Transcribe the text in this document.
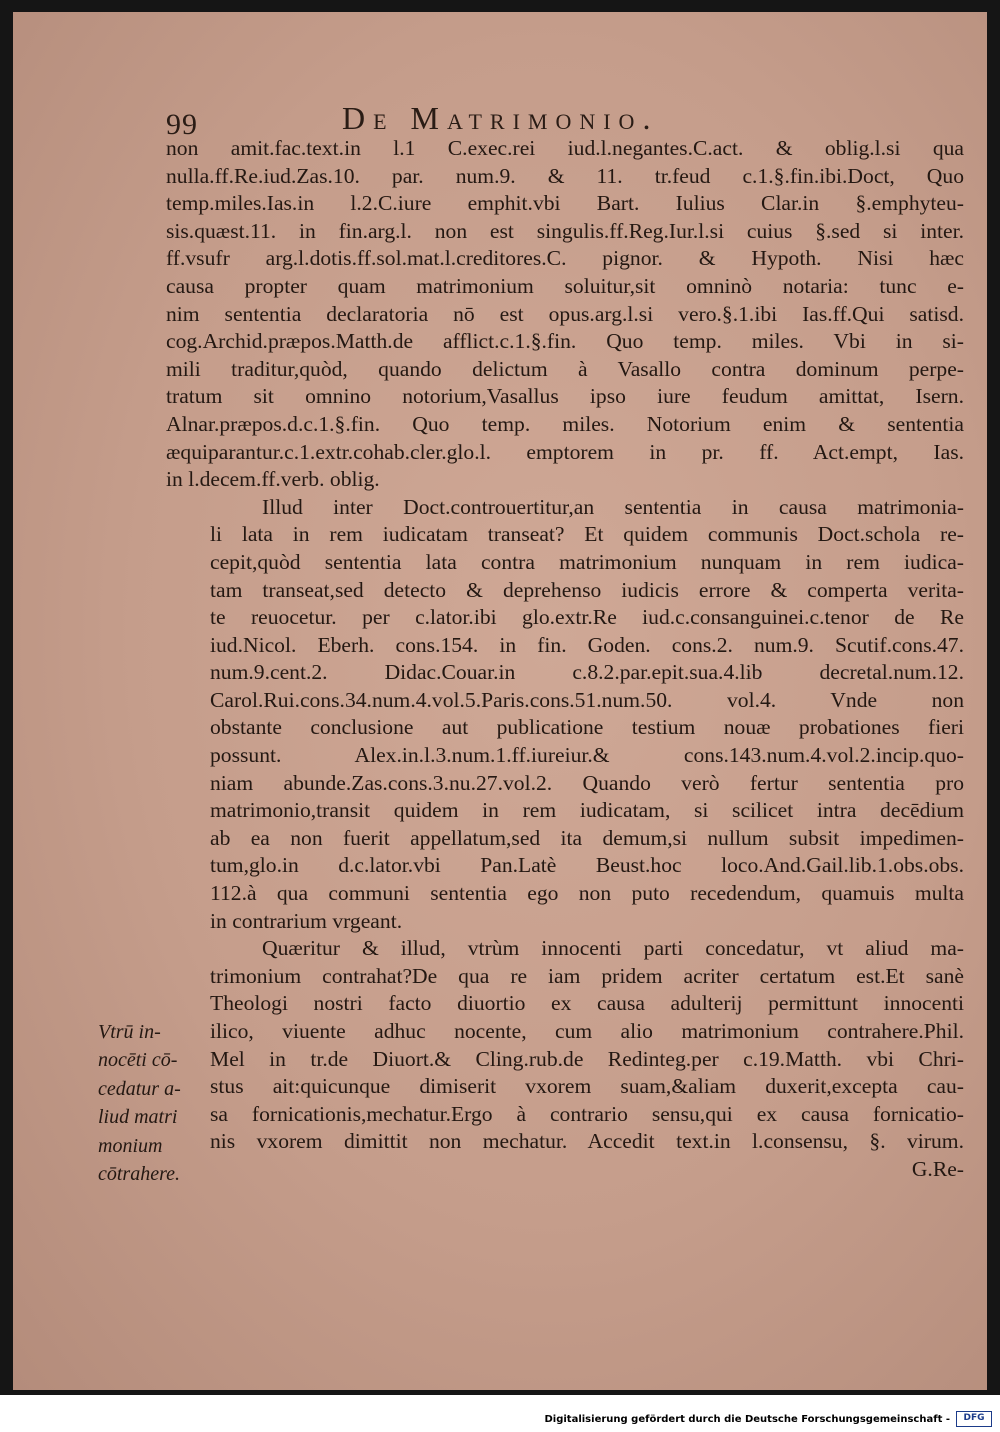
99	De Matrimonio.
non amit.fac.text.in l.1 C.exec.rei iud.l.negantes.C.act. & oblig.l.si qua
nulla.ff.Re.iud.Zas.10. par. num.9. & 11. tr.feud c.1.§.fin.ibi.Doct, Quo
temp.miles.Ias.in l.2.C.iure emphit.vbi Bart. Iulius Clar.in §.emphyteu-
sis.quæst.11. in fin.arg.l. non est singulis.ff.Reg.Iur.l.si cuius §.sed si inter.
ff.vsufr arg.l.dotis.ff.sol.mat.l.creditores.C. pignor. & Hypoth. Nisi hæc
causa propter quam matrimonium soluitur,sit omninò notaria: tunc e-
nim sententia declaratoria nō est opus.arg.l.si vero.§.1.ibi Ias.ff.Qui satisd.
cog.Archid.præpos.Matth.de afflict.c.1.§.fin. Quo temp. miles. Vbi in si-
mili traditur,quòd, quando delictum à Vasallo contra dominum perpe-
tratum sit omnino notorium,Vasallus ipso iure feudum amittat, Isern.
Alnar.præpos.d.c.1.§.fin. Quo temp. miles. Notorium enim & sententia
æquiparantur.c.1.extr.cohab.cler.glo.l. emptorem in pr. ff. Act.empt, Ias.
in l.decem.ff.verb. oblig.
Illud inter Doct.controuertitur,an sententia in causa matrimonia-
li lata in rem iudicatam transeat? Et quidem communis Doct.schola re-
cepit,quòd sententia lata contra matrimonium nunquam in rem iudica-
tam transeat,sed detecto & deprehenso iudicis errore & comperta verita-
te reuocetur. per c.lator.ibi glo.extr.Re iud.c.consanguinei.c.tenor de Re
iud.Nicol. Eberh. cons.154. in fin. Goden. cons.2. num.9. Scutif.cons.47.
num.9.cent.2. Didac.Couar.in c.8.2.par.epit.sua.4.lib decretal.num.12.
Carol.Rui.cons.34.num.4.vol.5.Paris.cons.51.num.50. vol.4. Vnde non
obstante conclusione aut publicatione testium nouæ probationes fieri
possunt. Alex.in.l.3.num.1.ff.iureiur.& cons.143.num.4.vol.2.incip.quo-
niam abunde.Zas.cons.3.nu.27.vol.2. Quando verò fertur sententia pro
matrimonio,transit quidem in rem iudicatam, si scilicet intra decēdium
ab ea non fuerit appellatum,sed ita demum,si nullum subsit impedimen-
tum,glo.in d.c.lator.vbi Pan.Latè Beust.hoc loco.And.Gail.lib.1.obs.obs.
112.à qua communi sententia ego non puto recedendum, quamuis multa
in contrarium vrgeant.
Quæritur & illud, vtrùm innocenti parti concedatur, vt aliud ma-
trimonium contrahat?De qua re iam pridem acriter certatum est.Et sanè
Theologi nostri facto diuortio ex causa adulterij permittunt innocenti
ilico, viuente adhuc nocente, cum alio matrimonium contrahere.Phil.
Mel in tr.de Diuort.& Cling.rub.de Redinteg.per c.19.Matth. vbi Chri-
stus ait:quicunque dimiserit vxorem suam,&aliam duxerit,excepta cau-
sa fornicationis,mechatur.Ergo à contrario sensu,qui ex causa fornicatio-
nis vxorem dimittit non mechatur. Accedit text.in l.consensu, §. virum.
G.Re-
Vtrū in-
nocēti cō-
cedatur a-
liud matri
monium
cōtrahere.
Digitalisierung gefördert durch die Deutsche Forschungsgemeinschaft -	DFG
